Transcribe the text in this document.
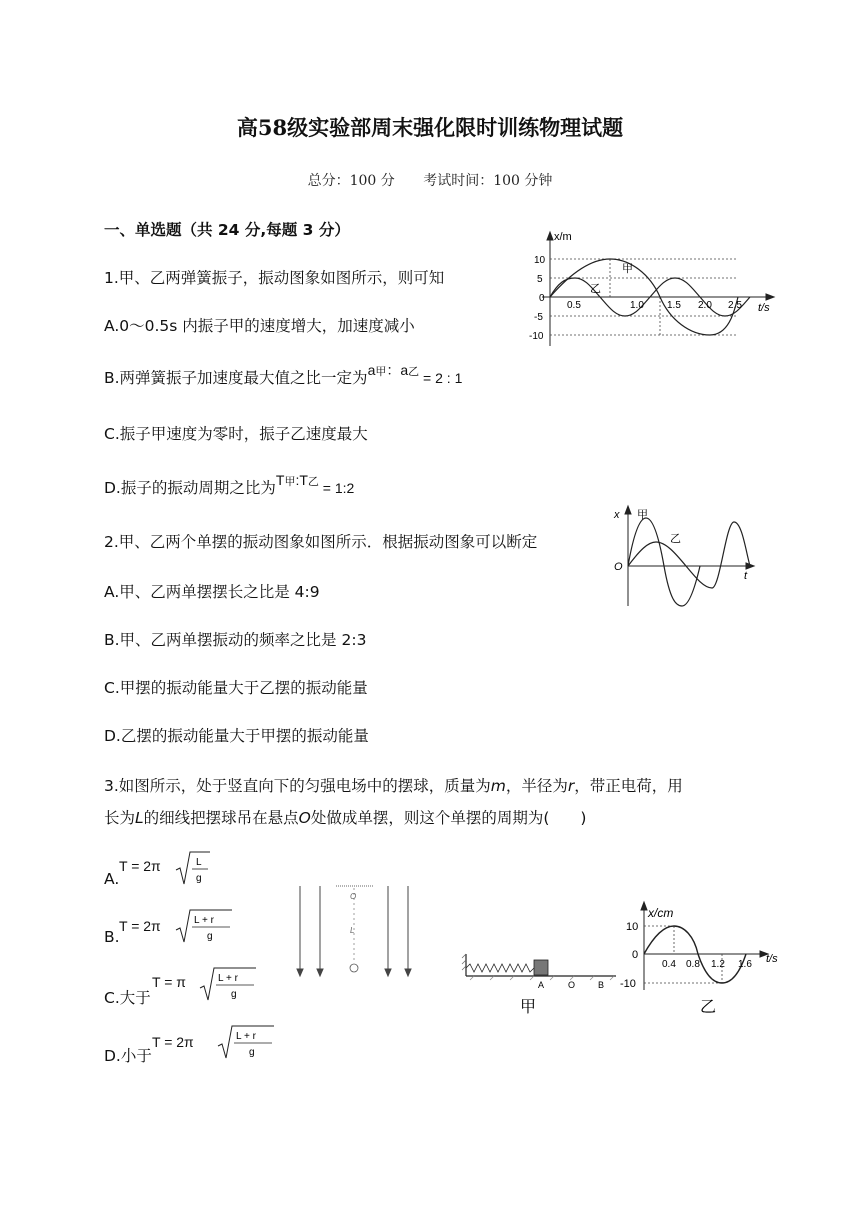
高58级实验部周末强化限时训练物理试题
总分：100 分 考试时间：100 分钟
一、单选题（共 24 分,每题 3 分）
1.甲、乙两弹簧振子，振动图象如图所示，则可知
A.0～0.5s 内振子甲的速度增大，加速度减小
B.两弹簧振子加速度最大值之比一定为a甲：a乙 = 2 : 1
C.振子甲速度为零时，振子乙速度最大
D.振子的振动周期之比为T甲:T乙 = 1:2
x/m
t/s
10
5
0
-5
-10
0.5	1.0 1.5 2.0 2.5
甲
乙
2.甲、乙两个单摆的振动图象如图所示．根据振动图象可以断定
A.甲、乙两单摆摆长之比是 4:9
B.甲、乙两单摆振动的频率之比是 2:3
C.甲摆的振动能量大于乙摆的振动能量
D.乙摆的振动能量大于甲摆的振动能量
x
t
O
甲
乙
3.如图所示，处于竖直向下的匀强电场中的摆球，质量为m，半径为r，带正电荷，用
长为L的细线把摆球吊在悬点O处做成单摆，则这个单摆的周期为(　　)
A.
T = 2π	L
g
B.
T = 2π	L + r
g
C.大于
T = π	L + r
g
D.小于
T = 2π	L + r
g
O
L
A	O	B
甲
x/cm
t/s
10
0
-10
0.4 0.8 1.2 1.6
乙
